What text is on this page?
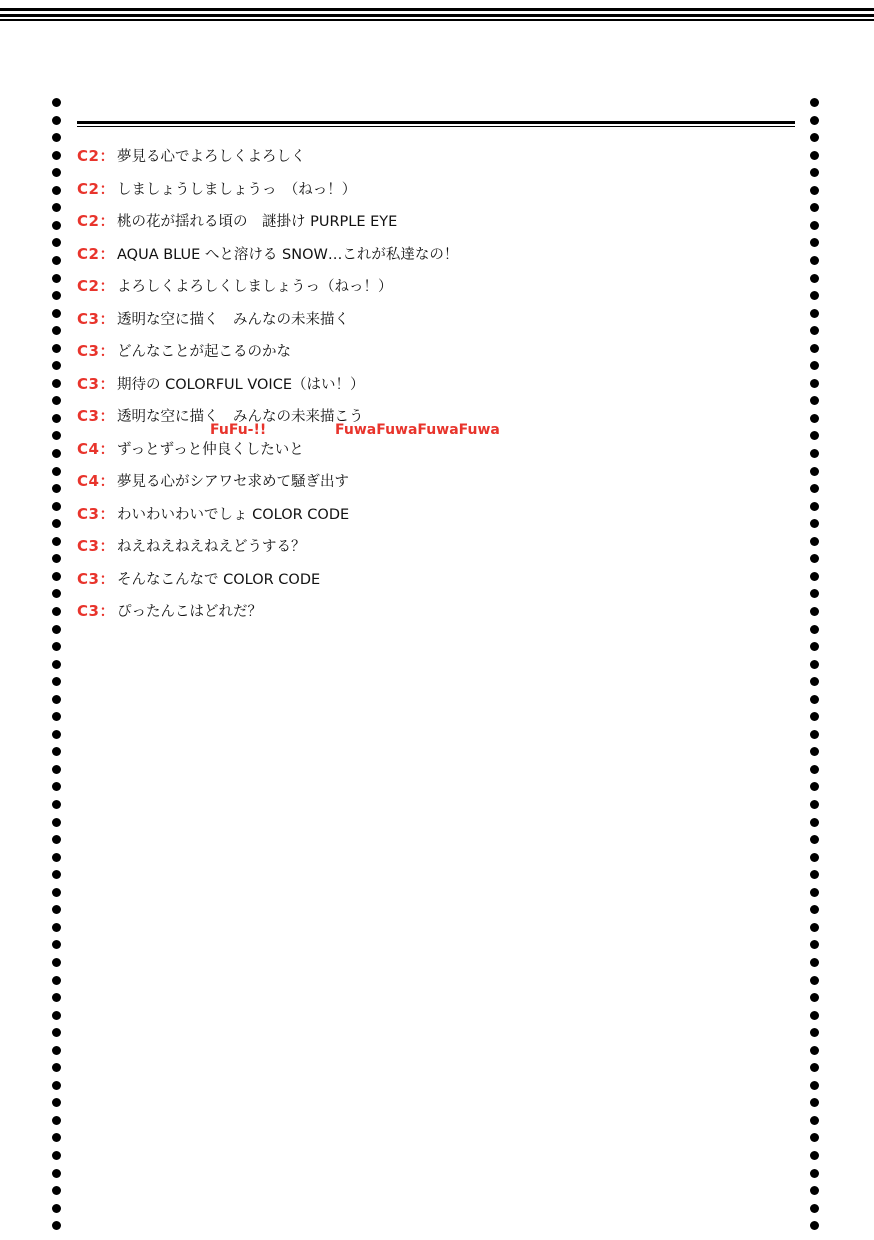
C2： 夢見る心でよろしくよろしく
C2： しましょうしましょうっ　（ねっ！）
C2： 桃の花が揺れる頃の　謎掛け PURPLE EYE
C2： AQUA BLUE へと溶ける SNOW…これが私達なの！
C2： よろしくよろしくしましょうっ（ねっ！）
C3： 透明な空に描く　みんなの未来描く
C3： どんなことが起こるのかな
C3： 期待の COLORFUL VOICE（はい！）
C3： 透明な空に描く　みんなの未来描こう
C4： ずっとずっと仲良くしたいと
C4： 夢見る心がシアワセ求めて騒ぎ出す
C3： わいわいわいでしょ COLOR CODE
C3： ねえねえねえねえどうする？
C3： そんなこんなで COLOR CODE
C3： ぴったんこはどれだ？
FuFu-!!	FuwaFuwaFuwaFuwa
